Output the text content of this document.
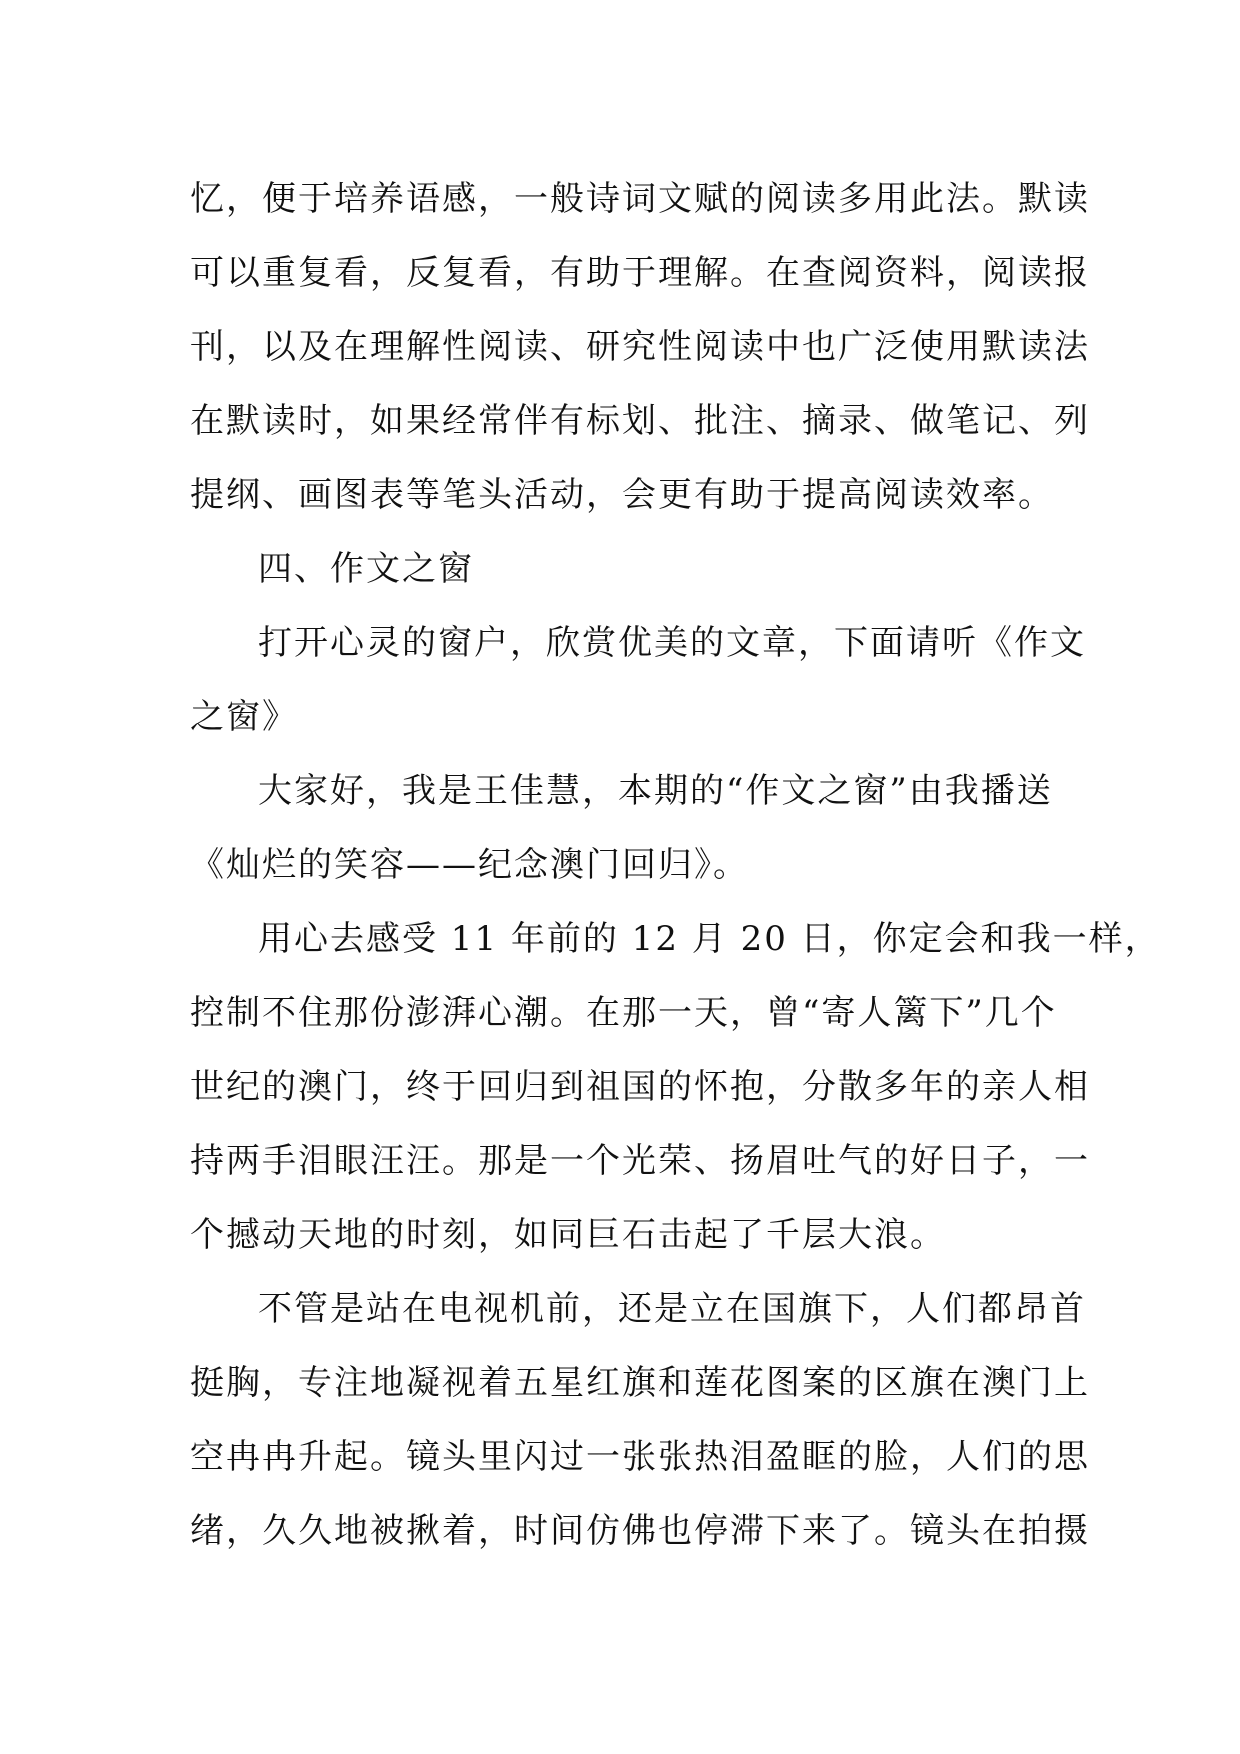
忆，便于培养语感，一般诗词文赋的阅读多用此法。默读
可以重复看，反复看，有助于理解。在查阅资料，阅读报
刊，以及在理解性阅读、研究性阅读中也广泛使用默读法
在默读时，如果经常伴有标划、批注、摘录、做笔记、列
提纲、画图表等笔头活动，会更有助于提高阅读效率。
四、作文之窗
打开心灵的窗户，欣赏优美的文章，下面请听《作文
之窗》
大家好，我是王佳慧，本期的“作文之窗”由我播送
《灿烂的笑容——纪念澳门回归》。
用心去感受 11 年前的 12 月 20 日，你定会和我一样，
控制不住那份澎湃心潮。在那一天，曾“寄人篱下”几个
世纪的澳门，终于回归到祖国的怀抱，分散多年的亲人相
持两手泪眼汪汪。那是一个光荣、扬眉吐气的好日子，一
个撼动天地的时刻，如同巨石击起了千层大浪。
不管是站在电视机前，还是立在国旗下，人们都昂首
挺胸，专注地凝视着五星红旗和莲花图案的区旗在澳门上
空冉冉升起。镜头里闪过一张张热泪盈眶的脸，人们的思
绪，久久地被揪着，时间仿佛也停滞下来了。镜头在拍摄
